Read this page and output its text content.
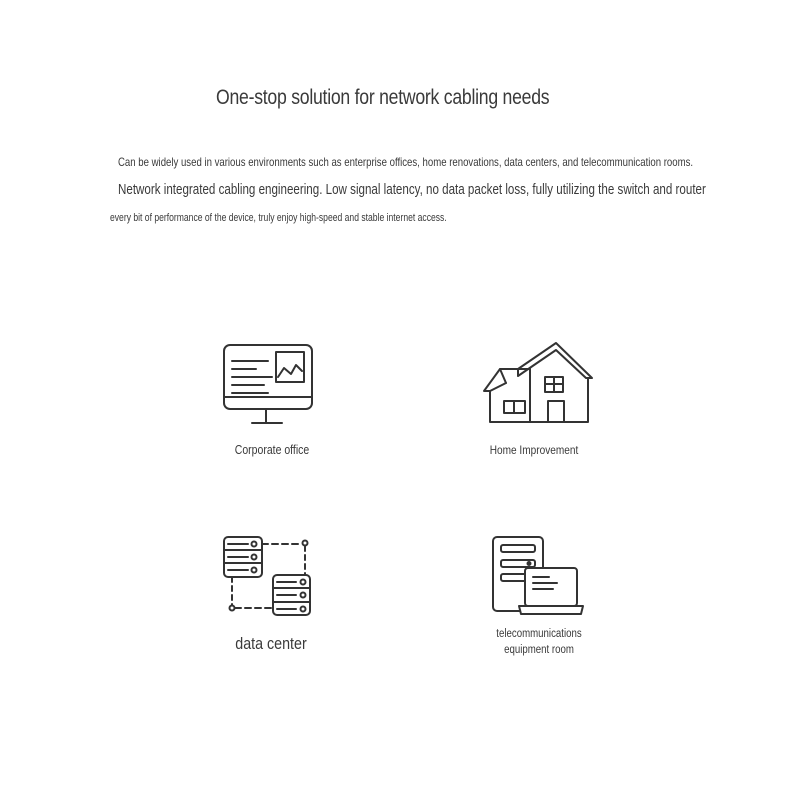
One-stop solution for network cabling needs
Can be widely used in various environments such as enterprise offices, home renovations, data centers, and telecommunication rooms.
Network integrated cabling engineering. Low signal latency, no data packet loss, fully utilizing the switch and router
every bit of performance of the device, truly enjoy high-speed and stable internet access.
Corporate office	Home Improvement
data center	telecommunications equipment room
